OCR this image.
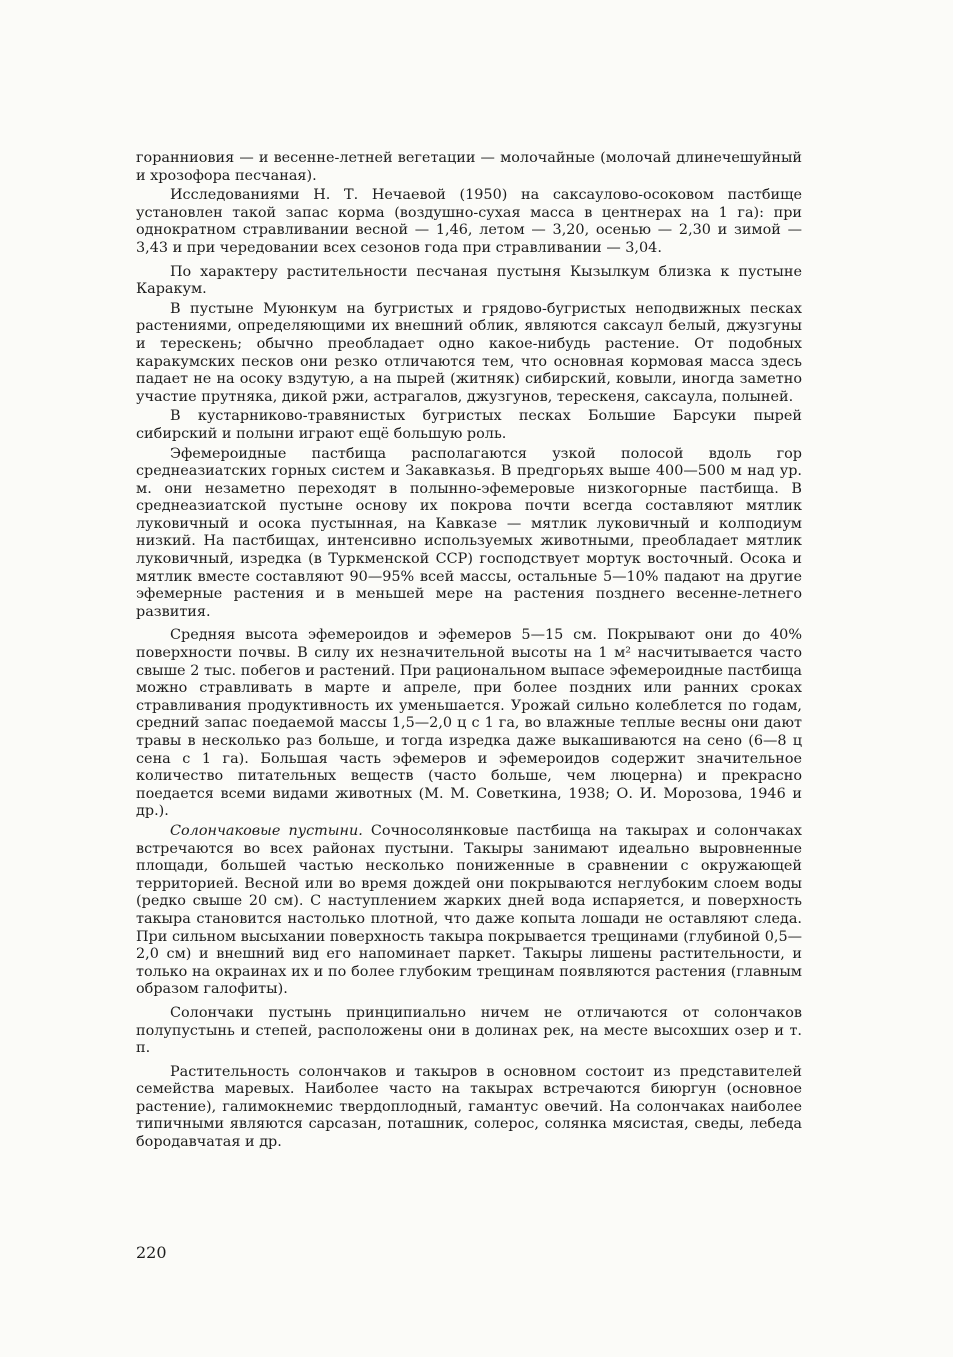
горанниовия — и весенне-летней вегетации — молочайные (молочай длинечешуйный и хрозофора песчаная).

Исследованиями Н. Т. Нечаевой (1950) на саксаулово-осоковом пастбище установлен такой запас корма (воздушно-сухая масса в центнерах на 1 га): при однократном стравливании весной — 1,46, летом — 3,20, осенью — 2,30 и зимой — 3,43 и при чередовании всех сезонов года при стравливании — 3,04.

По характеру растительности песчаная пустыня Кызылкум близка к пустыне Каракум.

В пустыне Муюнкум на бугристых и грядово-бугристых неподвижных песках растениями, определяющими их внешний облик, являются саксаул белый, джузгуны и терескень; обычно преобладает одно какое-нибудь растение. От подобных каракумских песков они резко отличаются тем, что основная кормовая масса здесь падает не на осоку вздутую, а на пырей (житняк) сибирский, ковыли, иногда заметно участие прутняка, дикой ржи, астрагалов, джузгунов, терескеня, саксаула, полыней.

В кустарниково-травянистых бугристых песках Большие Барсуки пырей сибирский и полыни играют ещё большую роль.

Эфемероидные пастбища располагаются узкой полосой вдоль гор среднеазиатских горных систем и Закавказья. В предгорьях выше 400—500 м над ур. м. они незаметно переходят в полынно-эфемеровые низкогорные пастбища. В среднеазиатской пустыне основу их покрова почти всегда составляют мятлик луковичный и осока пустынная, на Кавказе — мятлик луковичный и колподиум низкий. На пастбищах, интенсивно используемых животными, преобладает мятлик луковичный, изредка (в Туркменской ССР) господствует мортук восточный. Осока и мятлик вместе составляют 90—95% всей массы, остальные 5—10% падают на другие эфемерные растения и в меньшей мере на растения позднего весенне-летнего развития.

Средняя высота эфемероидов и эфемеров 5—15 см. Покрывают они до 40% поверхности почвы. В силу их незначительной высоты на 1 м² насчитывается часто свыше 2 тыс. побегов и растений. При рациональном выпасе эфемероидные пастбища можно стравливать в марте и апреле, при более поздних или ранних сроках стравливания продуктивность их уменьшается. Урожай сильно колеблется по годам, средний запас поедаемой массы 1,5—2,0 ц с 1 га, во влажные теплые весны они дают травы в несколько раз больше, и тогда изредка даже выкашиваются на сено (6—8 ц сена с 1 га). Большая часть эфемеров и эфемероидов содержит значительное количество питательных веществ (часто больше, чем люцерна) и прекрасно поедается всеми видами животных (М. М. Советкина, 1938; О. И. Морозова, 1946 и др.).

Солончаковые пустыни. Сочносолянковые пастбища на такырах и солончаках встречаются во всех районах пустыни. Такыры занимают идеально выровненные площади, большей частью несколько пониженные в сравнении с окружающей территорией. Весной или во время дождей они покрываются неглубоким слоем воды (редко свыше 20 см). С наступлением жарких дней вода испаряется, и поверхность такыра становится настолько плотной, что даже копыта лошади не оставляют следа. При сильном высыхании поверхность такыра покрывается трещинами (глубиной 0,5—2,0 см) и внешний вид его напоминает паркет. Такыры лишены растительности, и только на окраинах их и по более глубоким трещинам появляются растения (главным образом галофиты).

Солончаки пустынь принципиально ничем не отличаются от солончаков полупустынь и степей, расположены они в долинах рек, на месте высохших озер и т. п.

Растительность солончаков и такыров в основном состоит из представителей семейства маревых. Наиболее часто на такырах встречаются биюргун (основное растение), галимокнемис твердоплодный, гамантус овечий. На солончаках наиболее типичными являются сарсазан, поташник, солерос, солянка мясистая, сведы, лебеда бородавчатая и др.

220
